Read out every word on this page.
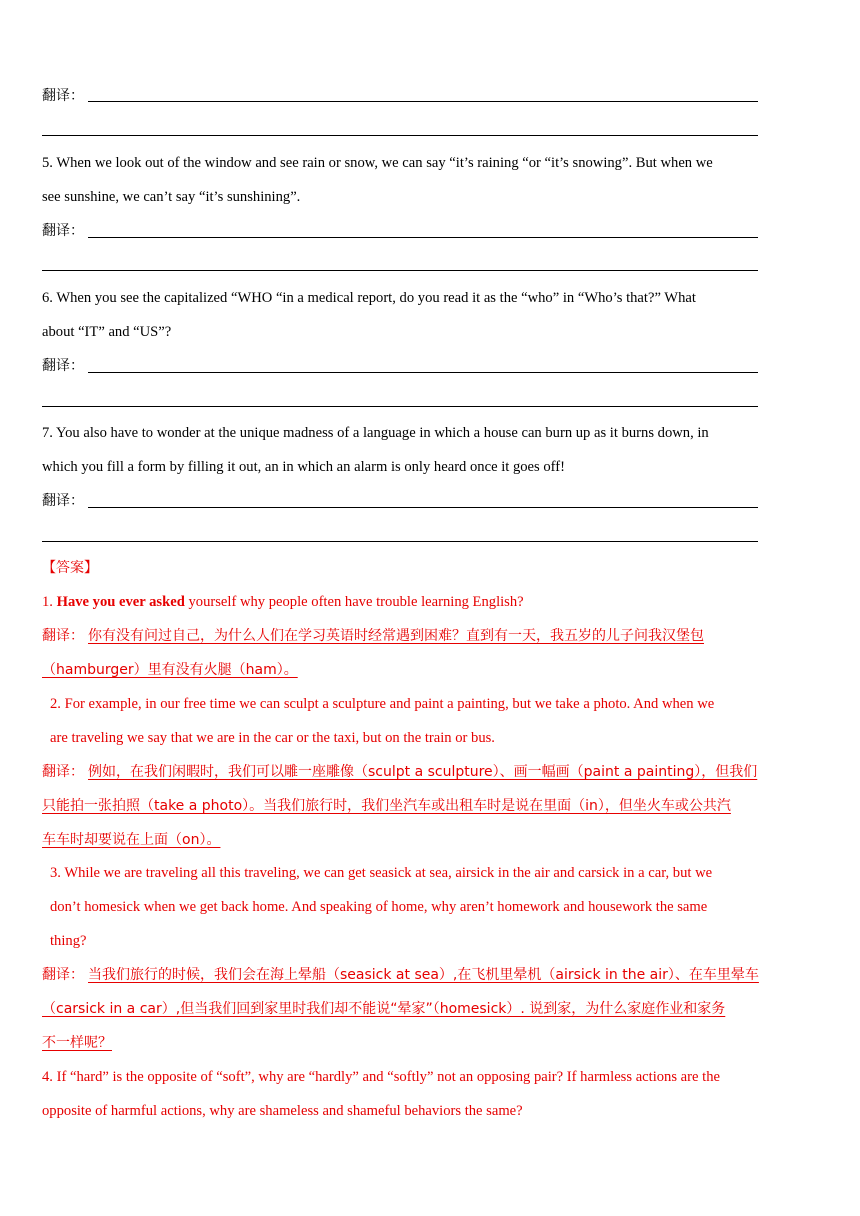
翻译：
5. When we look out of the window and see rain or snow, we can say “it’s raining “or “it’s snowing”. But when we
see sunshine, we can’t say “it’s sunshining”.
翻译：
6. When you see the capitalized “WHO “in a medical report, do you read it as the “who” in “Who’s that?” What
about “IT” and “US”?
翻译：
7. You also have to wonder at the unique madness of a language in which a house can burn up as it burns down, in
which you fill a form by filling it out, an in which an alarm is only heard once it goes off!
翻译：
【答案】
1. Have you ever asked yourself why people often have trouble learning English?
翻译： 你有没有问过自己，为什么人们在学习英语时经常遇到困难？直到有一天，我五岁的儿子问我汉堡包
（hamburger）里有没有火腿（ham）。
2. For example, in our free time we can sculpt a sculpture and paint a painting, but we take a photo. And when we
are traveling we say that we are in the car or the taxi, but on the train or bus.
翻译： 例如，在我们闲暇时，我们可以雕一座雕像（sculpt a sculpture）、画一幅画（paint a painting），但我们
只能拍一张拍照（take a photo）。当我们旅行时，我们坐汽车或出租车时是说在里面（in），但坐火车或公共汽
车车时却要说在上面（on）。
3. While we are traveling all this traveling, we can get seasick at sea, airsick in the air and carsick in a car, but we
don’t homesick when we get back home. And speaking of home, why aren’t homework and housework the same
thing?
翻译： 当我们旅行的时候，我们会在海上晕船（seasick at sea）,在飞机里晕机（airsick in the air）、在车里晕车
（carsick in a car）,但当我们回到家里时我们却不能说“晕家”（homesick）. 说到家，为什么家庭作业和家务
不一样呢？
4. If “hard” is the opposite of “soft”, why are “hardly” and “softly” not an opposing pair? If harmless actions are the
opposite of harmful actions, why are shameless and shameful behaviors the same?
